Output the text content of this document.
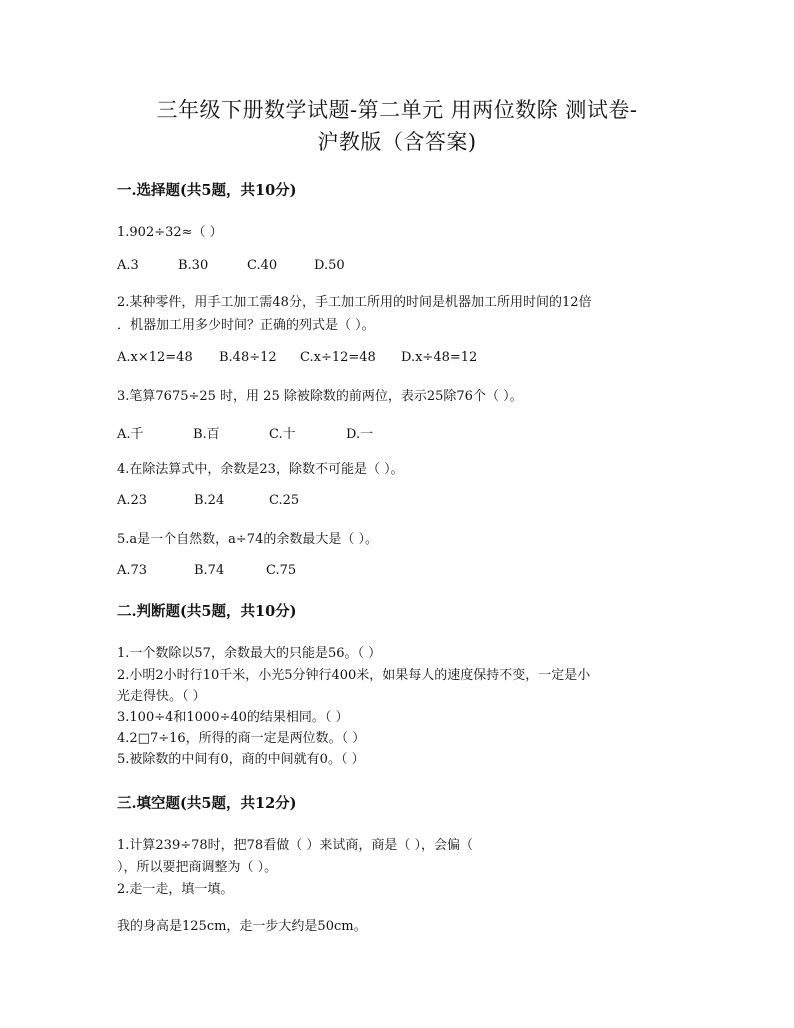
三年级下册数学试题-第二单元 用两位数除 测试卷-
沪教版（含答案)
一.选择题(共5题，共10分)
1.902÷32≈（ ）
A.3	B.30	C.40	D.50
2.某种零件，用手工加工需48分，手工加工所用的时间是机器加工所用时间的12倍
．机器加工用多少时间？正确的列式是（ ）。
A.x×12=48 B.48÷12 C.x÷12=48 D.x÷48=12
3.笔算7675÷25 时，用 25 除被除数的前两位，表示25除76个（ ）。
A.千	B.百	C.十	D.一
4.在除法算式中，余数是23，除数不可能是（ ）。
A.23	B.24	C.25
5.a是一个自然数，a÷74的余数最大是（ ）。
A.73	B.74	C.75
二.判断题(共5题，共10分)
1.一个数除以57，余数最大的只能是56。（ ）
2.小明2小时行10千米，小光5分钟行400米，如果每人的速度保持不变，一定是小
光走得快。（ ）
3.100÷4和1000÷40的结果相同。（ ）
4.2□7÷16，所得的商一定是两位数。（ ）
5.被除数的中间有0，商的中间就有0。（ ）
三.填空题(共5题，共12分)
1.计算239÷78时，把78看做（ ）来试商，商是（ ），会偏（
），所以要把商调整为（ ）。
2.走一走，填一填。
我的身高是125cm，走一步大约是50cm。
